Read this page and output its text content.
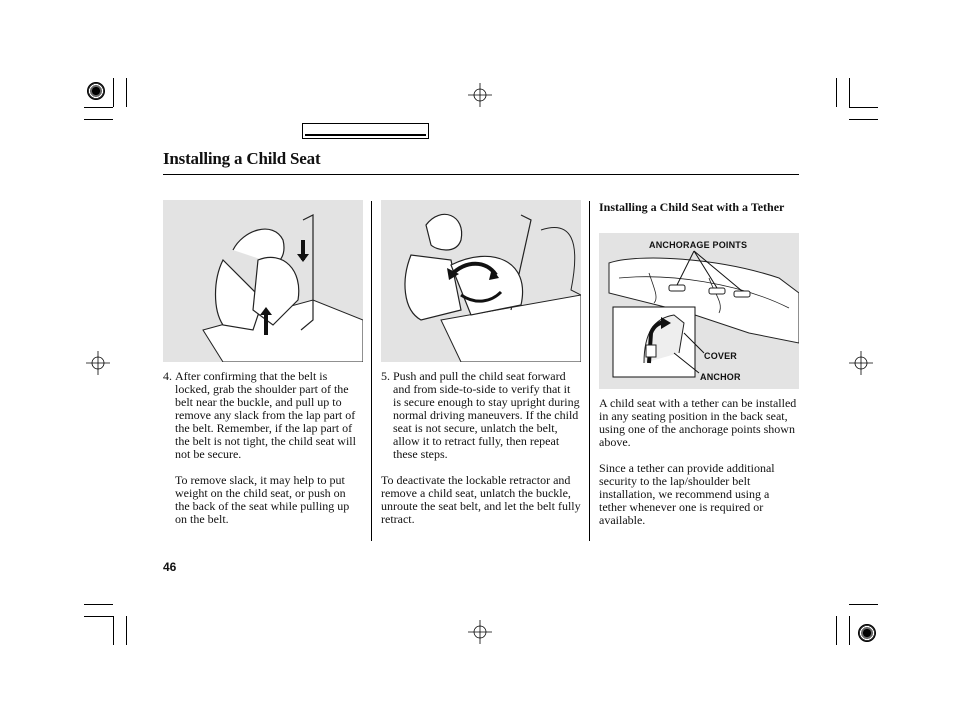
Installing a Child Seat
4. After confirming that the belt is locked, grab the shoulder part of the belt near the buckle, and pull up to remove any slack from the lap part of the belt. Remember, if the lap part of the belt is not tight, the child seat will not be secure.
To remove slack, it may help to put weight on the child seat, or push on the back of the seat while pulling up on the belt.
5. Push and pull the child seat forward and from side-to-side to verify that it is secure enough to stay upright during normal driving maneuvers. If the child seat is not secure, unlatch the belt, allow it to retract fully, then repeat these steps.
To deactivate the lockable retractor and remove a child seat, unlatch the buckle, unroute the seat belt, and let the belt fully retract.
Installing a Child Seat with a Tether
ANCHORAGE POINTS
COVER
ANCHOR
A child seat with a tether can be installed in any seating position in the back seat, using one of the anchorage points shown above.
Since a tether can provide additional security to the lap/shoulder belt installation, we recommend using a tether whenever one is required or available.
46
